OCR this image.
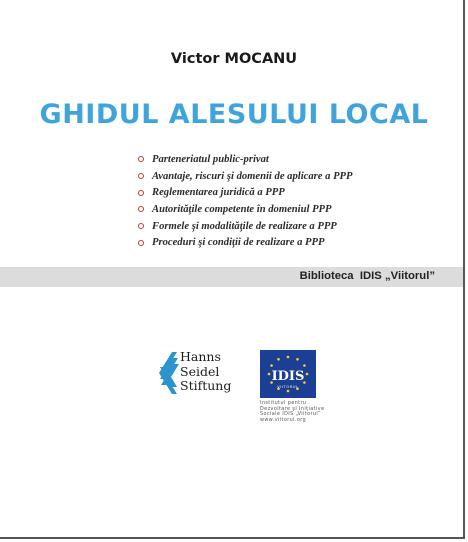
Victor MOCANU
GHIDUL ALESULUI LOCAL
Parteneriatul public-privat
Avantaje, riscuri şi domenii de aplicare a PPP
Reglementarea juridică a PPP
Autorităţile competente în domeniul PPP
Formele şi modalităţile de realizare a PPP
Proceduri şi condiţii de realizare a PPP
Biblioteca  IDIS „Viitorul”
Hanns
Seidel
Stiftung
IDIS
VIITORUL
Institutul pentru
Dezvoltare şi Iniţiative
Sociale IDIS „Viitorul”
www.viitorul.org
